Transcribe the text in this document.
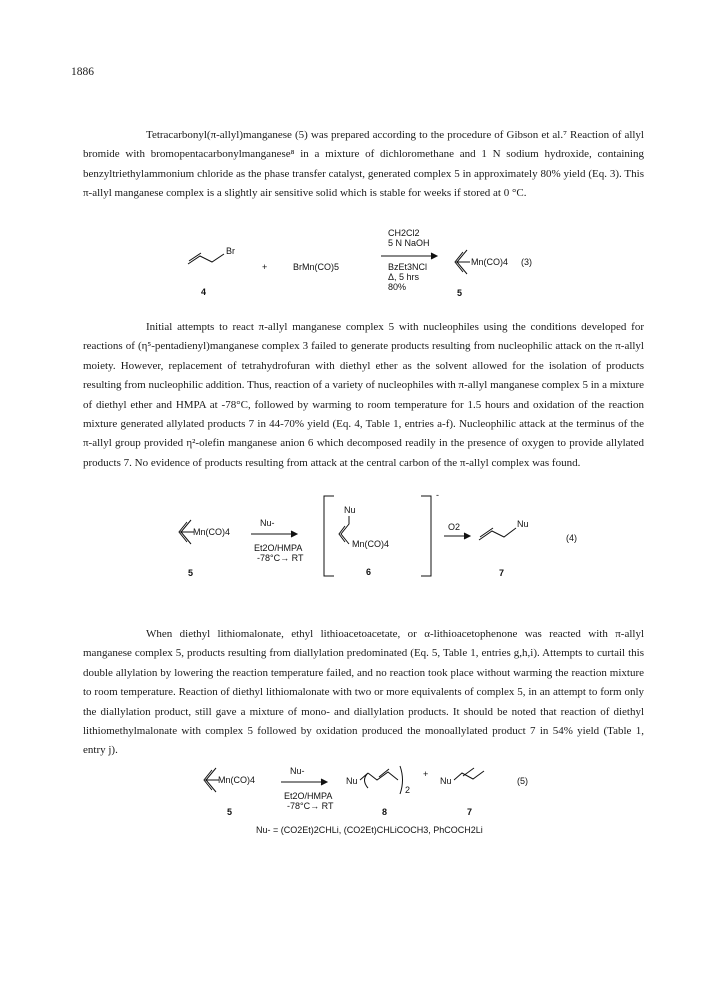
1886

Tetracarbonyl(π-allyl)manganese (5) was prepared according to the procedure of Gibson et al.⁷ Reaction of allyl bromide with bromopentacarbonylmanganese⁸ in a mixture of dichloromethane and 1 N sodium hydroxide, containing benzyltriethylammonium chloride as the phase transfer catalyst, generated complex 5 in approximately 80% yield (Eq. 3). This π-allyl manganese complex is a slightly air sensitive solid which is stable for weeks if stored at 0 °C.

Initial attempts to react π-allyl manganese complex 5 with nucleophiles using the conditions developed for reactions of (η⁵-pentadienyl)manganese complex 3 failed to generate products resulting from nucleophilic attack on the π-allyl moiety. However, replacement of tetrahydrofuran with diethyl ether as the solvent allowed for the isolation of products resulting from nucleophilic addition. Thus, reaction of a variety of nucleophiles with π-allyl manganese complex 5 in a mixture of diethyl ether and HMPA at -78°C, followed by warming to room temperature for 1.5 hours and oxidation of the reaction mixture generated allylated products 7 in 44-70% yield (Eq. 4, Table 1, entries a-f). Nucleophilic attack at the terminus of the π-allyl group provided η²-olefin manganese anion 6 which decomposed readily in the presence of oxygen to provide allylated products 7. No evidence of products resulting from attack at the central carbon of the π-allyl complex was found.

When diethyl lithiomalonate, ethyl lithioacetoacetate, or α-lithioacetophenone was reacted with π-allyl manganese complex 5, products resulting from diallylation predominated (Eq. 5, Table 1, entries g,h,i). Attempts to curtail this double allylation by lowering the reaction temperature failed, and no reaction took place without warming the reaction mixture to room temperature. Reaction of diethyl lithiomalonate with two or more equivalents of complex 5, in an attempt to form only the diallylation product, still gave a mixture of mono- and diallylation products. It should be noted that reaction of diethyl lithiomethylmalonate with complex 5 followed by oxidation produced the monoallylated product 7 in 54% yield (Table 1, entry j).

Br
+	BrMn(CO)5
CH2Cl2
5 N NaOH
BzEt3NCl
Δ, 5 hrs
80%
Mn(CO)4 (3)
4	5
Mn(CO)4
Nu-
Et2O/HMPA
-78°C→ RT
-
Nu
Mn(CO)4
O2	Nu
(4)
5	6	7
Mn(CO)4
Nu-
Et2O/HMPA
-78°C→ RT
Nu
2
+
Nu	(5)
5	8	7
Nu- = (CO2Et)2CHLi, (CO2Et)CHLiCOCH3, PhCOCH2Li
